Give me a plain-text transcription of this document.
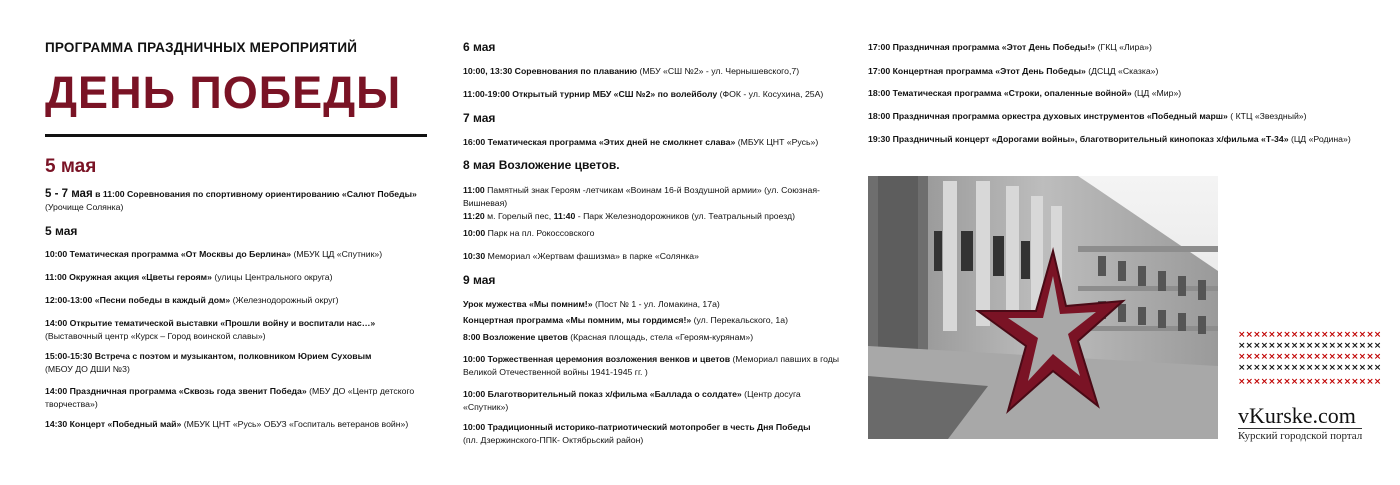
ПРОГРАММА ПРАЗДНИЧНЫХ МЕРОПРИЯТИЙ
ДЕНЬ ПОБЕДЫ
5 мая
5 - 7 мая в 11:00 Соревнования по спортивному ориентированию «Салют Победы»
(Урочище Солянка)
5 мая
10:00 Тематическая программа «От Москвы до Берлина» (МБУК ЦД «Спутник»)
11:00 Окружная акция «Цветы героям» (улицы Центрального округа)
12:00-13:00 «Песни победы в каждый дом» (Железнодорожный округ)
14:00 Открытие тематической выставки «Прошли войну и воспитали нас…»
(Выставочный центр «Курск – Город воинской славы»)
15:00-15:30 Встреча с поэтом и музыкантом, полковником Юрием Суховым
(МБОУ ДО ДШИ №3)
14:00 Праздничная программа «Сквозь года звенит Победа» (МБУ ДО «Центр детского творчества»)
14:30 Концерт «Победный май» (МБУК ЦНТ «Русь» ОБУЗ «Госпиталь ветеранов войн»)
6 мая
10:00, 13:30 Соревнования по плаванию (МБУ «СШ №2» - ул. Чернышевского,7)
11:00-19:00 Открытый турнир МБУ «СШ №2» по волейболу (ФОК - ул. Косухина, 25А)
7 мая
16:00 Тематическая программа «Этих дней не смолкнет слава» (МБУК ЦНТ «Русь»)
8 мая Возложение цветов.
11:00 Памятный знак Героям -летчикам «Воинам 16-й Воздушной армии» (ул. Союзная-Вишневая)
11:20 м. Горелый пес, 11:40 - Парк Железнодорожников (ул. Театральный проезд)
10:00 Парк на пл. Рокоссовского
10:30 Мемориал «Жертвам фашизма» в парке «Солянка»
9 мая
Урок мужества «Мы помним!» (Пост № 1 - ул. Ломакина, 17а)
Концертная программа «Мы помним, мы гордимся!» (ул. Перекальского, 1а)
8:00 Возложение цветов (Красная площадь, стела «Героям-курянам»)
10:00 Торжественная церемония возложения венков и цветов (Мемориал павших в годы Великой Отечественной войны 1941-1945 гг. )
10:00 Благотворительный показ х/фильма «Баллада о солдате» (Центр досуга «Спутник»)
10:00 Традиционный историко-патриотический мотопробег в честь Дня Победы
(пл. Дзержинского-ППК- Октябрьский район)
17:00 Праздничная программа «Этот День Победы!» (ГКЦ «Лира»)
17:00 Концертная программа «Этот День Победы» (ДСЦД «Сказка»)
18:00 Тематическая программа «Строки, опаленные войной» (ЦД «Мир»)
18:00 Праздничная программа оркестра духовых инструментов «Победный марш» ( КТЦ «Звездный»)
19:30 Праздничный концерт «Дорогами войны», благотворительный кинопоказ х/фильма «Т-34» (ЦД «Родина»)
×××××××××××××××××××
×××××××××××××××××××
×××××××××××××××××××
×××××××××××××××××××
×××××××××××××××××××
vKurske.com
Курский городской портал
